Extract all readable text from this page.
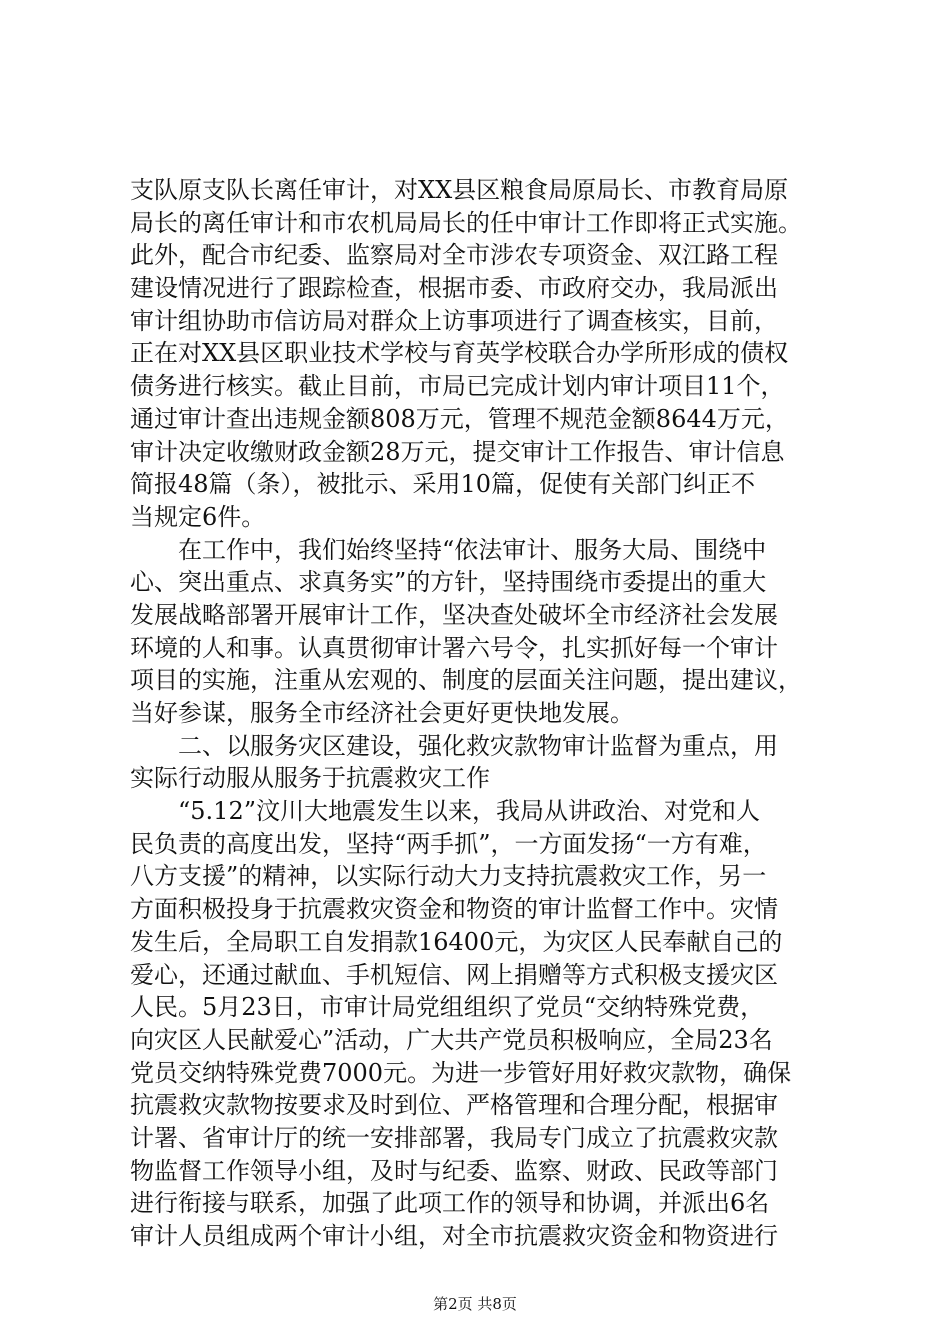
支队原支队长离任审计，对XX县区粮食局原局长、市教育局原
局长的离任审计和市农机局局长的任中审计工作即将正式实施。
此外，配合市纪委、监察局对全市涉农专项资金、双江路工程
建设情况进行了跟踪检查，根据市委、市政府交办，我局派出
审计组协助市信访局对群众上访事项进行了调查核实，目前，
正在对XX县区职业技术学校与育英学校联合办学所形成的债权
债务进行核实。截止目前，市局已完成计划内审计项目11个，
通过审计查出违规金额808万元，管理不规范金额8644万元，
审计决定收缴财政金额28万元，提交审计工作报告、审计信息
简报48篇（条），被批示、采用10篇，促使有关部门纠正不
当规定6件。
在工作中，我们始终坚持“依法审计、服务大局、围绕中
心、突出重点、求真务实”的方针，坚持围绕市委提出的重大
发展战略部署开展审计工作，坚决查处破坏全市经济社会发展
环境的人和事。认真贯彻审计署六号令，扎实抓好每一个审计
项目的实施，注重从宏观的、制度的层面关注问题，提出建议，
当好参谋，服务全市经济社会更好更快地发展。
二、以服务灾区建设，强化救灾款物审计监督为重点，用
实际行动服从服务于抗震救灾工作
“5.12”汶川大地震发生以来，我局从讲政治、对党和人
民负责的高度出发，坚持“两手抓”，一方面发扬“一方有难，
八方支援”的精神，以实际行动大力支持抗震救灾工作，另一
方面积极投身于抗震救灾资金和物资的审计监督工作中。灾情
发生后，全局职工自发捐款16400元，为灾区人民奉献自己的
爱心，还通过献血、手机短信、网上捐赠等方式积极支援灾区
人民。5月23日，市审计局党组组织了党员“交纳特殊党费，
向灾区人民献爱心”活动，广大共产党员积极响应，全局23名
党员交纳特殊党费7000元。为进一步管好用好救灾款物，确保
抗震救灾款物按要求及时到位、严格管理和合理分配，根据审
计署、省审计厅的统一安排部署，我局专门成立了抗震救灾款
物监督工作领导小组，及时与纪委、监察、财政、民政等部门
进行衔接与联系，加强了此项工作的领导和协调，并派出6名
审计人员组成两个审计小组，对全市抗震救灾资金和物资进行
第2页 共8页
